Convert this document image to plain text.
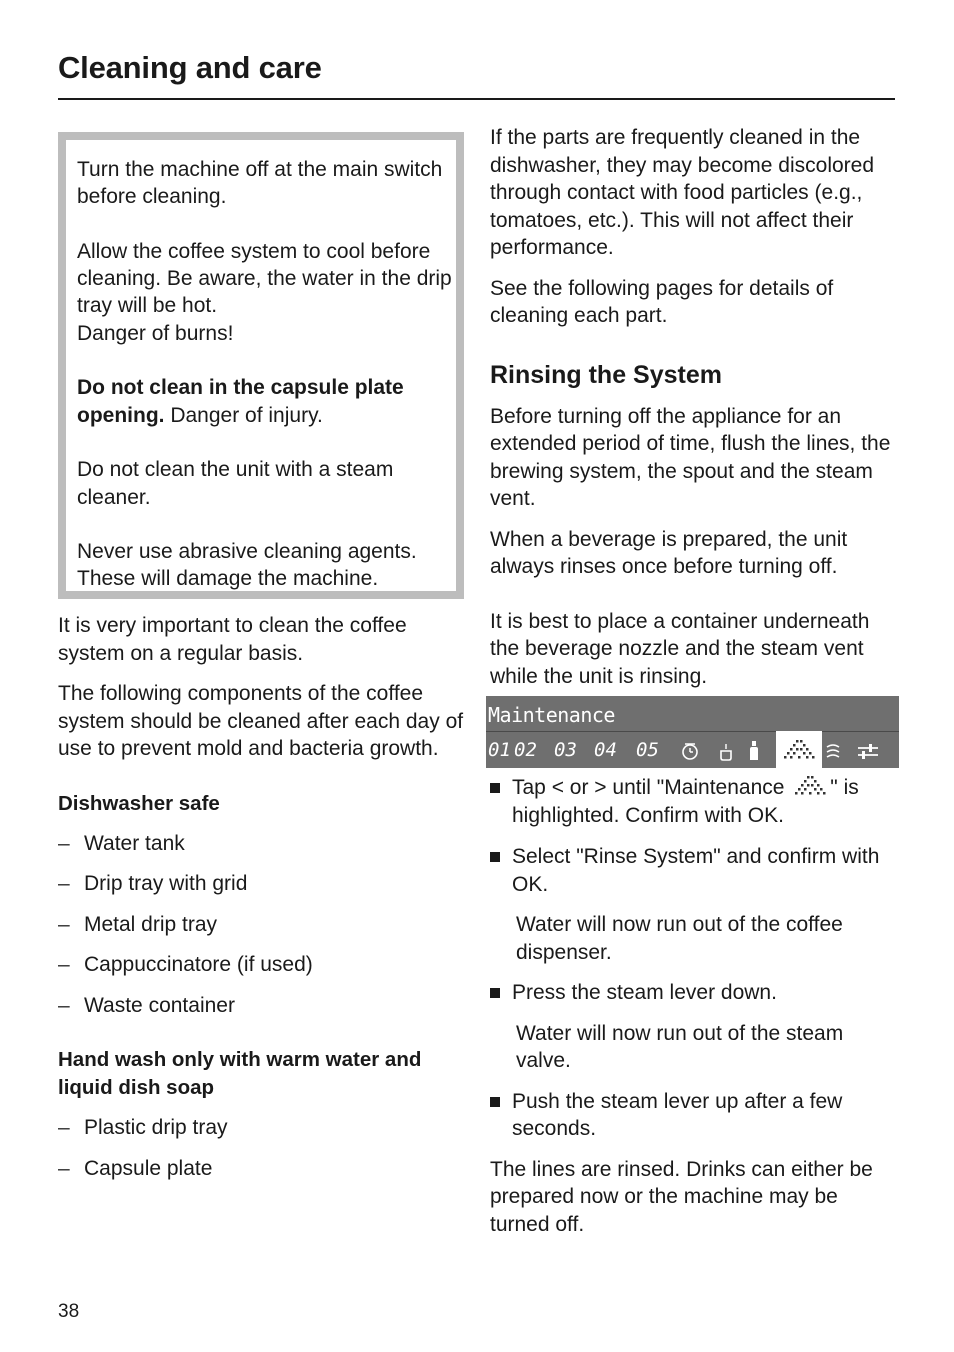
Cleaning and care

Turn the machine off at the main switch before cleaning.

Allow the coffee system to cool before cleaning. Be aware, the water in the drip tray will be hot.
Danger of burns!

Do not clean in the capsule plate opening. Danger of injury.

Do not clean the unit with a steam cleaner.

Never use abrasive cleaning agents. These will damage the machine.

It is very important to clean the coffee system on a regular basis.

The following components of the coffee system should be cleaned after each day of use to prevent mold and bacteria growth.

Dishwasher safe

– Water tank
– Drip tray with grid
– Metal drip tray
– Cappuccinatore (if used)
– Waste container

Hand wash only with warm water and liquid dish soap

– Plastic drip tray
– Capsule plate

If the parts are frequently cleaned in the dishwasher, they may become discolored through contact with food particles (e.g., tomatoes, etc.). This will not affect their performance.

See the following pages for details of cleaning each part.

Rinsing the System

Before turning off the appliance for an extended period of time, flush the lines, the brewing system, the spout and the steam vent.

When a beverage is prepared, the unit always rinses once before turning off.

It is best to place a container underneath the beverage nozzle and the steam vent while the unit is rinsing.

Maintenance
01 02 03 04 05
Tap < or > until "Maintenance " is highlighted. Confirm with OK.
Select "Rinse System" and confirm with OK.

Water will now run out of the coffee dispenser.

Press the steam lever down.

Water will now run out of the steam valve.

Push the steam lever up after a few seconds.

The lines are rinsed. Drinks can either be prepared now or the machine may be turned off.

38
